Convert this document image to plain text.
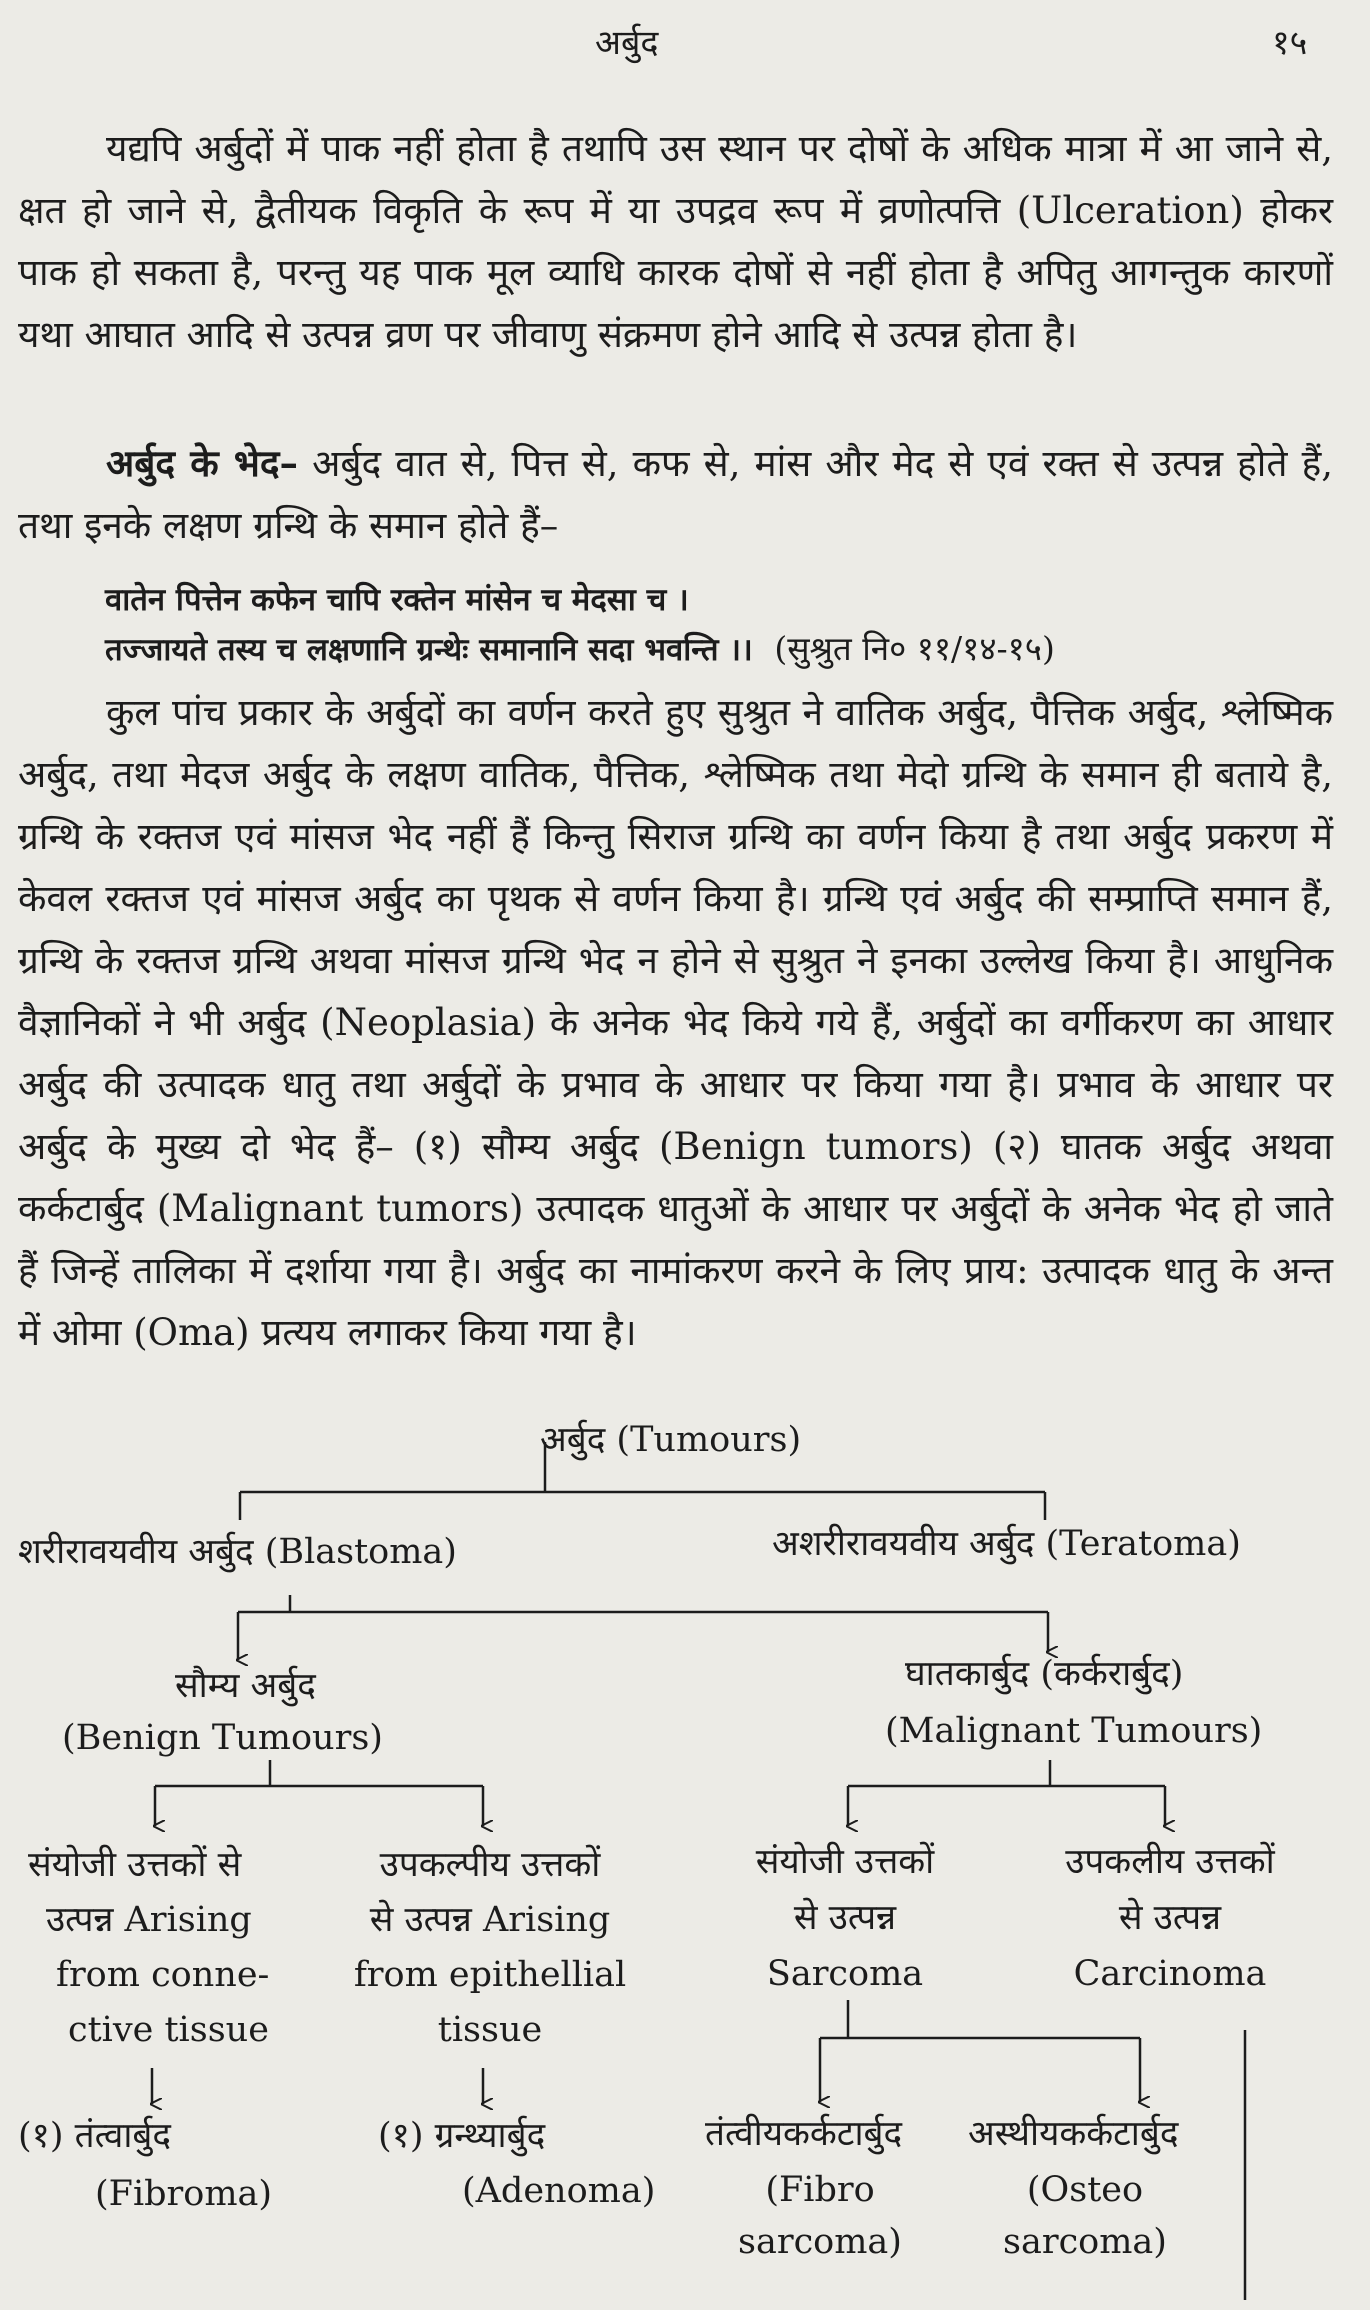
अर्बुद	१५

यद्यपि अर्बुदों में पाक नहीं होता है तथापि उस स्थान पर दोषों के अधिक मात्रा में आ जाने से, क्षत हो जाने से, द्वैतीयक विकृति के रूप में या उपद्रव रूप में व्रणोत्पत्ति (Ulceration) होकर पाक हो सकता है, परन्तु यह पाक मूल व्याधि कारक दोषों से नहीं होता है अपितु आगन्तुक कारणों यथा आघात आदि से उत्पन्न व्रण पर जीवाणु संक्रमण होने आदि से उत्पन्न होता है।

अर्बुद के भेद– अर्बुद वात से, पित्त से, कफ से, मांस और मेद से एवं रक्त से उत्पन्न होते हैं, तथा इनके लक्षण ग्रन्थि के समान होते हैं–

वातेन पित्तेन कफेन चापि रक्तेन मांसेन च मेदसा च ।
तज्जायते तस्य च लक्षणानि ग्रन्थेः समानानि सदा भवन्ति ।। (सुश्रुत नि० ११/१४-१५)

कुल पांच प्रकार के अर्बुदों का वर्णन करते हुए सुश्रुत ने वातिक अर्बुद, पैत्तिक अर्बुद, श्लेष्मिक अर्बुद, तथा मेदज अर्बुद के लक्षण वातिक, पैत्तिक, श्लेष्मिक तथा मेदो ग्रन्थि के समान ही बताये है, ग्रन्थि के रक्तज एवं मांसज भेद नहीं हैं किन्तु सिराज ग्रन्थि का वर्णन किया है तथा अर्बुद प्रकरण में केवल रक्तज एवं मांसज अर्बुद का पृथक से वर्णन किया है। ग्रन्थि एवं अर्बुद की सम्प्राप्ति समान हैं, ग्रन्थि के रक्तज ग्रन्थि अथवा मांसज ग्रन्थि भेद न होने से सुश्रुत ने इनका उल्लेख किया है। आधुनिक वैज्ञानिकों ने भी अर्बुद (Neoplasia) के अनेक भेद किये गये हैं, अर्बुदों का वर्गीकरण का आधार अर्बुद की उत्पादक धातु तथा अर्बुदों के प्रभाव के आधार पर किया गया है। प्रभाव के आधार पर अर्बुद के मुख्य दो भेद हैं– (१) सौम्य अर्बुद (Benign tumors) (२) घातक अर्बुद अथवा कर्कटार्बुद (Malignant tumors) उत्पादक धातुओं के आधार पर अर्बुदों के अनेक भेद हो जाते हैं जिन्हें तालिका में दर्शाया गया है। अर्बुद का नामांकरण करने के लिए प्राय: उत्पादक धातु के अन्त में ओमा (Oma) प्रत्यय लगाकर किया गया है।

अर्बुद (Tumours)
शरीरावयवीय अर्बुद (Blastoma)	अशरीरावयवीय अर्बुद (Teratoma)
सौम्य अर्बुद
(Benign Tumours)
घातकार्बुद (कर्करार्बुद)
(Malignant Tumours)
संयोजी उत्तकों से
उत्पन्न Arising
from conne-
ctive tissue
उपकल्पीय उत्तकों
से उत्पन्न Arising
from epithellial
tissue
संयोजी उत्तकों
से उत्पन्न
Sarcoma
उपकलीय उत्तकों
से उत्पन्न
Carcinoma
(१) तंत्वार्बुद
(Fibroma)
(१) ग्रन्थ्यार्बुद
(Adenoma)
तंत्वीयकर्कटार्बुद
(Fibro
sarcoma)
अस्थीयकर्कटार्बुद
(Osteo
sarcoma)
